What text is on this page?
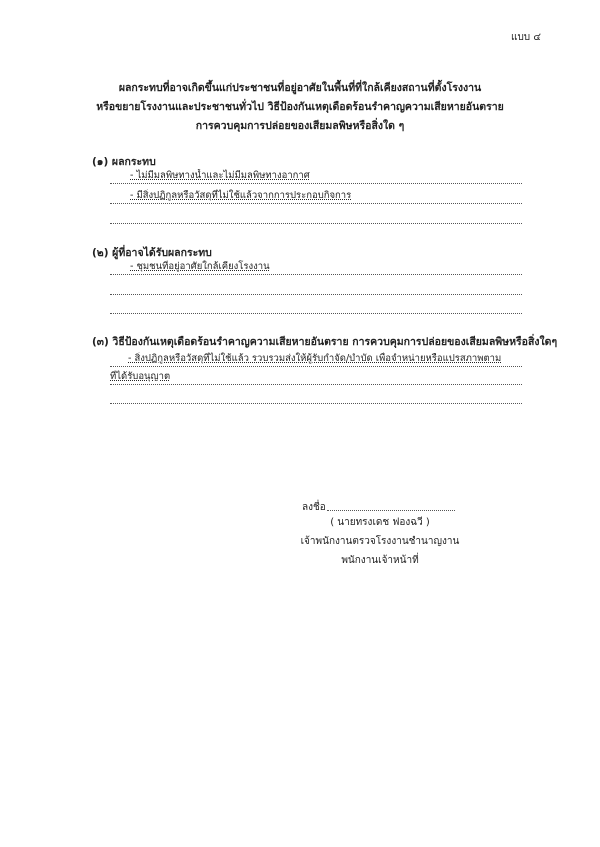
แบบ ๔
ผลกระทบที่อาจเกิดขึ้นแก่ประชาชนที่อยู่อาศัยในพื้นที่ที่ใกล้เคียงสถานที่ตั้งโรงงาน
หรือขยายโรงงานและประชาชนทั่วไป วิธีป้องกันเหตุเดือดร้อนรำคาญความเสียหายอันตราย
การควบคุมการปล่อยของเสียมลพิษหรือสิ่งใด ๆ
(๑) ผลกระทบ
- ไม่มีมลพิษทางน้ำและไม่มีมลพิษทางอากาศ
- มีสิ่งปฏิกูลหรือวัสดุที่ไม่ใช้แล้วจากการประกอบกิจการ
(๒) ผู้ที่อาจได้รับผลกระทบ
- ชุมชนที่อยู่อาศัยใกล้เคียงโรงงาน
(๓) วิธีป้องกันเหตุเดือดร้อนรำคาญความเสียหายอันตราย การควบคุมการปล่อยของเสียมลพิษหรือสิ่งใดๆ
- สิ่งปฏิกูลหรือวัสดุที่ไม่ใช้แล้ว รวบรวมส่งให้ผู้รับกำจัด/บำบัด เพื่อจำหน่ายหรือแปรสภาพตาม
ที่ได้รับอนุญาต
ลงชื่อ
( นายทรงเดช ฟองฉวี )
เจ้าพนักงานตรวจโรงงานชำนาญงาน
พนักงานเจ้าหน้าที่
